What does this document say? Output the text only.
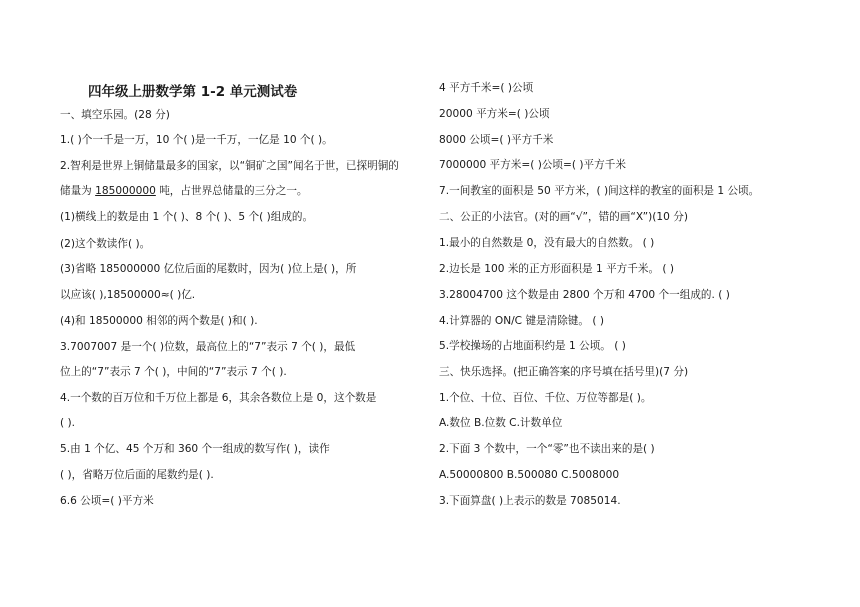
四年级上册数学第 1-2 单元测试卷
一、填空乐园。(28 分)
1.( )个一千是一万，10 个( )是一千万，一亿是 10 个( )。
2.智利是世界上铜储量最多的国家，以“铜矿之国”闻名于世，已探明铜的
储量为 185000000 吨，占世界总储量的三分之一。
(1)横线上的数是由 1 个( )、8 个( )、5 个( )组成的。
(2)这个数读作( )。
(3)省略 185000000 亿位后面的尾数时，因为( )位上是( )，所
以应该( ),18500000≈( )亿.
(4)和 18500000 相邻的两个数是( )和( ).
3.7007007 是一个( )位数，最高位上的“7”表示 7 个( )，最低
位上的“7”表示 7 个( )，中间的“7”表示 7 个( ).
4.一个数的百万位和千万位上都是 6，其余各数位上是 0，这个数是
( ).
5.由 1 个亿、45 个万和 360 个一组成的数写作( )，读作
( )，省略万位后面的尾数约是( ).
6.6 公顷=( )平方米
4 平方千米=( )公顷
20000 平方米=( )公顷
8000 公顷=( )平方千米
7000000 平方米=( )公顷=( )平方千米
7.一间教室的面积是 50 平方米，( )间这样的教室的面积是 1 公顷。
二、公正的小法官。(对的画“√”，错的画“X”)(10 分)
1.最小的自然数是 0，没有最大的自然数。 ( )
2.边长是 100 米的正方形面积是 1 平方千米。 ( )
3.28004700 这个数是由 2800 个万和 4700 个一组成的. ( )
4.计算器的 ON/C 键是清除键。 ( )
5.学校操场的占地面积约是 1 公顷。 ( )
三、快乐选择。(把正确答案的序号填在括号里)(7 分)
1.个位、十位、百位、千位、万位等都是( )。
A.数位 B.位数 C.计数单位
2.下面 3 个数中，一个“零”也不读出来的是( )
A.50000800 B.500080 C.5008000
3.下面算盘( )上表示的数是 7085014.
